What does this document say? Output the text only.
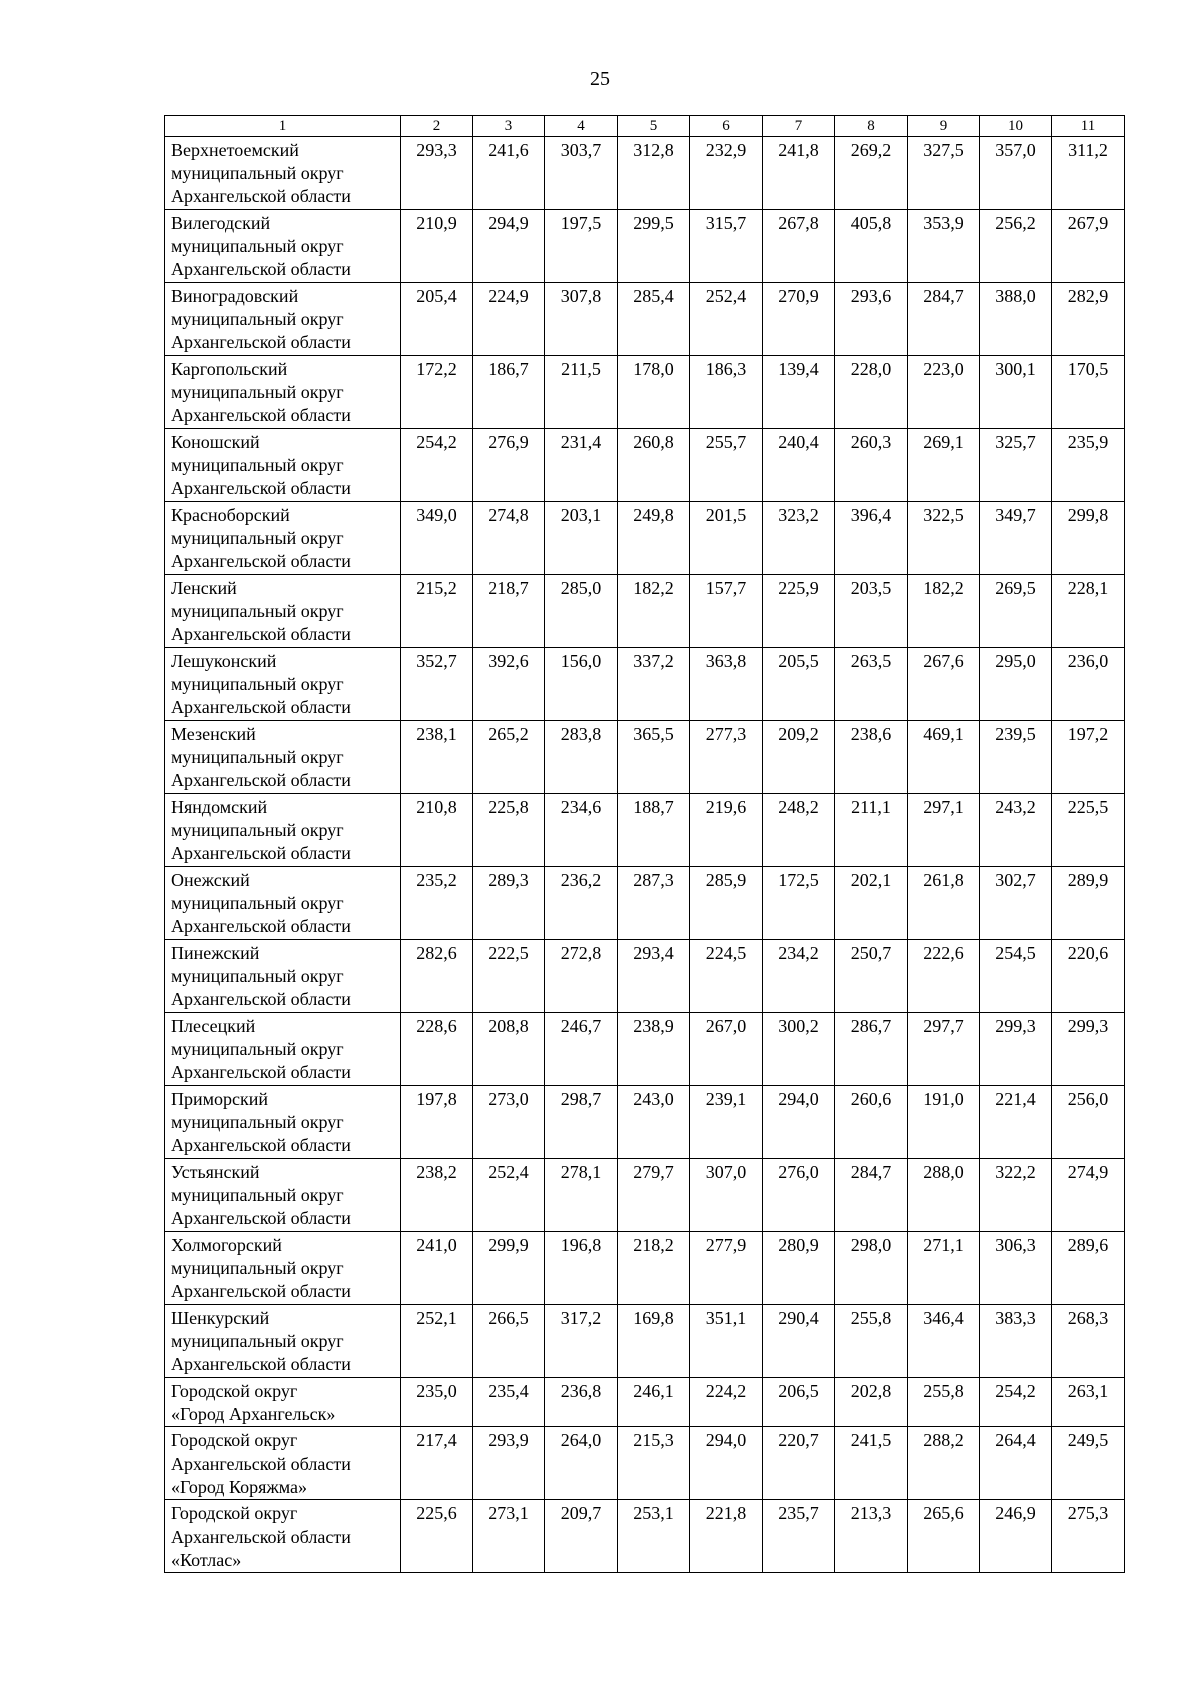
25
1	2	3	4	5	6	7	8	9	10	11

Верхнетоемский
муниципальный округ
Архангельской области	293,3	241,6	303,7	312,8	232,9	241,8	269,2	327,5	357,0	311,2

Вилегодский
муниципальный округ
Архангельской области	210,9	294,9	197,5	299,5	315,7	267,8	405,8	353,9	256,2	267,9

Виноградовский
муниципальный округ
Архангельской области	205,4	224,9	307,8	285,4	252,4	270,9	293,6	284,7	388,0	282,9

Каргопольский
муниципальный округ
Архангельской области	172,2	186,7	211,5	178,0	186,3	139,4	228,0	223,0	300,1	170,5

Коношский
муниципальный округ
Архангельской области	254,2	276,9	231,4	260,8	255,7	240,4	260,3	269,1	325,7	235,9

Красноборский
муниципальный округ
Архангельской области	349,0	274,8	203,1	249,8	201,5	323,2	396,4	322,5	349,7	299,8

Ленский
муниципальный округ
Архангельской области	215,2	218,7	285,0	182,2	157,7	225,9	203,5	182,2	269,5	228,1

Лешуконский
муниципальный округ
Архангельской области	352,7	392,6	156,0	337,2	363,8	205,5	263,5	267,6	295,0	236,0

Мезенский
муниципальный округ
Архангельской области	238,1	265,2	283,8	365,5	277,3	209,2	238,6	469,1	239,5	197,2

Няндомский
муниципальный округ
Архангельской области	210,8	225,8	234,6	188,7	219,6	248,2	211,1	297,1	243,2	225,5

Онежский
муниципальный округ
Архангельской области	235,2	289,3	236,2	287,3	285,9	172,5	202,1	261,8	302,7	289,9

Пинежский
муниципальный округ
Архангельской области	282,6	222,5	272,8	293,4	224,5	234,2	250,7	222,6	254,5	220,6

Плесецкий
муниципальный округ
Архангельской области	228,6	208,8	246,7	238,9	267,0	300,2	286,7	297,7	299,3	299,3

Приморский
муниципальный округ
Архангельской области	197,8	273,0	298,7	243,0	239,1	294,0	260,6	191,0	221,4	256,0

Устьянский
муниципальный округ
Архангельской области	238,2	252,4	278,1	279,7	307,0	276,0	284,7	288,0	322,2	274,9

Холмогорский
муниципальный округ
Архангельской области	241,0	299,9	196,8	218,2	277,9	280,9	298,0	271,1	306,3	289,6

Шенкурский
муниципальный округ
Архангельской области	252,1	266,5	317,2	169,8	351,1	290,4	255,8	346,4	383,3	268,3

Городской округ
«Город Архангельск»	235,0	235,4	236,8	246,1	224,2	206,5	202,8	255,8	254,2	263,1

Городской округ
Архангельской области
«Город Коряжма»	217,4	293,9	264,0	215,3	294,0	220,7	241,5	288,2	264,4	249,5

Городской округ
Архангельской области
«Котлас»	225,6	273,1	209,7	253,1	221,8	235,7	213,3	265,6	246,9	275,3
